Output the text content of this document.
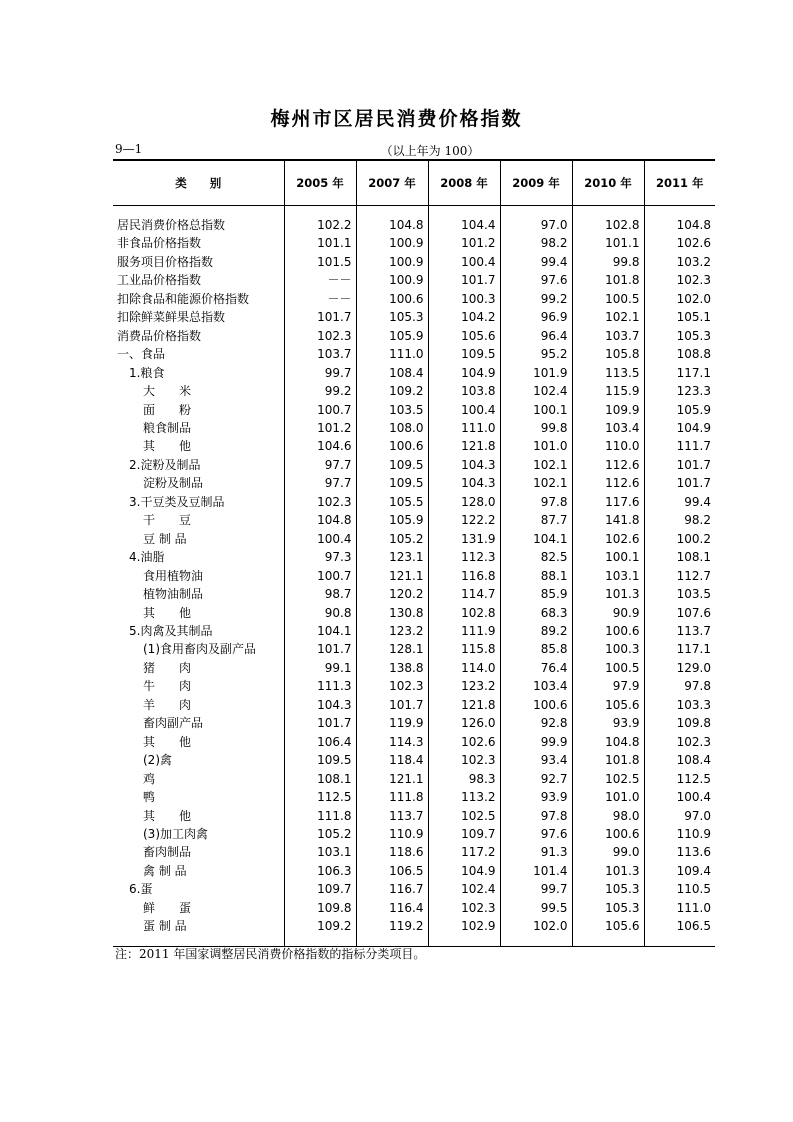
梅州市区居民消费价格指数
9—1	（以上年为 100）
类　　别	2005 年	2007 年	2008 年	2009 年	2010 年	2011 年

居民消费价格总指数	102.2	104.8	104.4	97.0	102.8	104.8
非食品价格指数	101.1	100.9	101.2	98.2	101.1	102.6
服务项目价格指数	101.5	100.9	100.4	99.4	99.8	103.2
工业品价格指数	－－	100.9	101.7	97.6	101.8	102.3
扣除食品和能源价格指数	－－	100.6	100.3	99.2	100.5	102.0
扣除鲜菜鲜果总指数	101.7	105.3	104.2	96.9	102.1	105.1
消费品价格指数	102.3	105.9	105.6	96.4	103.7	105.3
一、食品	103.7	111.0	109.5	95.2	105.8	108.8
1.粮食	99.7	108.4	104.9	101.9	113.5	117.1
大　　米	99.2	109.2	103.8	102.4	115.9	123.3
面　　粉	100.7	103.5	100.4	100.1	109.9	105.9
粮食制品	101.2	108.0	111.0	99.8	103.4	104.9
其　　他	104.6	100.6	121.8	101.0	110.0	111.7
2.淀粉及制品	97.7	109.5	104.3	102.1	112.6	101.7
淀粉及制品	97.7	109.5	104.3	102.1	112.6	101.7
3.干豆类及豆制品	102.3	105.5	128.0	97.8	117.6	99.4
干　　豆	104.8	105.9	122.2	87.7	141.8	98.2
豆 制 品	100.4	105.2	131.9	104.1	102.6	100.2
4.油脂	97.3	123.1	112.3	82.5	100.1	108.1
食用植物油	100.7	121.1	116.8	88.1	103.1	112.7
植物油制品	98.7	120.2	114.7	85.9	101.3	103.5
其　　他	90.8	130.8	102.8	68.3	90.9	107.6
5.肉禽及其制品	104.1	123.2	111.9	89.2	100.6	113.7
(1)食用畜肉及副产品	101.7	128.1	115.8	85.8	100.3	117.1
猪　　肉	99.1	138.8	114.0	76.4	100.5	129.0
牛　　肉	111.3	102.3	123.2	103.4	97.9	97.8
羊　　肉	104.3	101.7	121.8	100.6	105.6	103.3
畜肉副产品	101.7	119.9	126.0	92.8	93.9	109.8
其　　他	106.4	114.3	102.6	99.9	104.8	102.3
(2)禽	109.5	118.4	102.3	93.4	101.8	108.4
鸡	108.1	121.1	98.3	92.7	102.5	112.5
鸭	112.5	111.8	113.2	93.9	101.0	100.4
其　　他	111.8	113.7	102.5	97.8	98.0	97.0
(3)加工肉禽	105.2	110.9	109.7	97.6	100.6	110.9
畜肉制品	103.1	118.6	117.2	91.3	99.0	113.6
禽 制 品	106.3	106.5	104.9	101.4	101.3	109.4
6.蛋	109.7	116.7	102.4	99.7	105.3	110.5
鲜　　蛋	109.8	116.4	102.3	99.5	105.3	111.0
蛋 制 品	109.2	119.2	102.9	102.0	105.6	106.5

注：2011 年国家调整居民消费价格指数的指标分类项目。
